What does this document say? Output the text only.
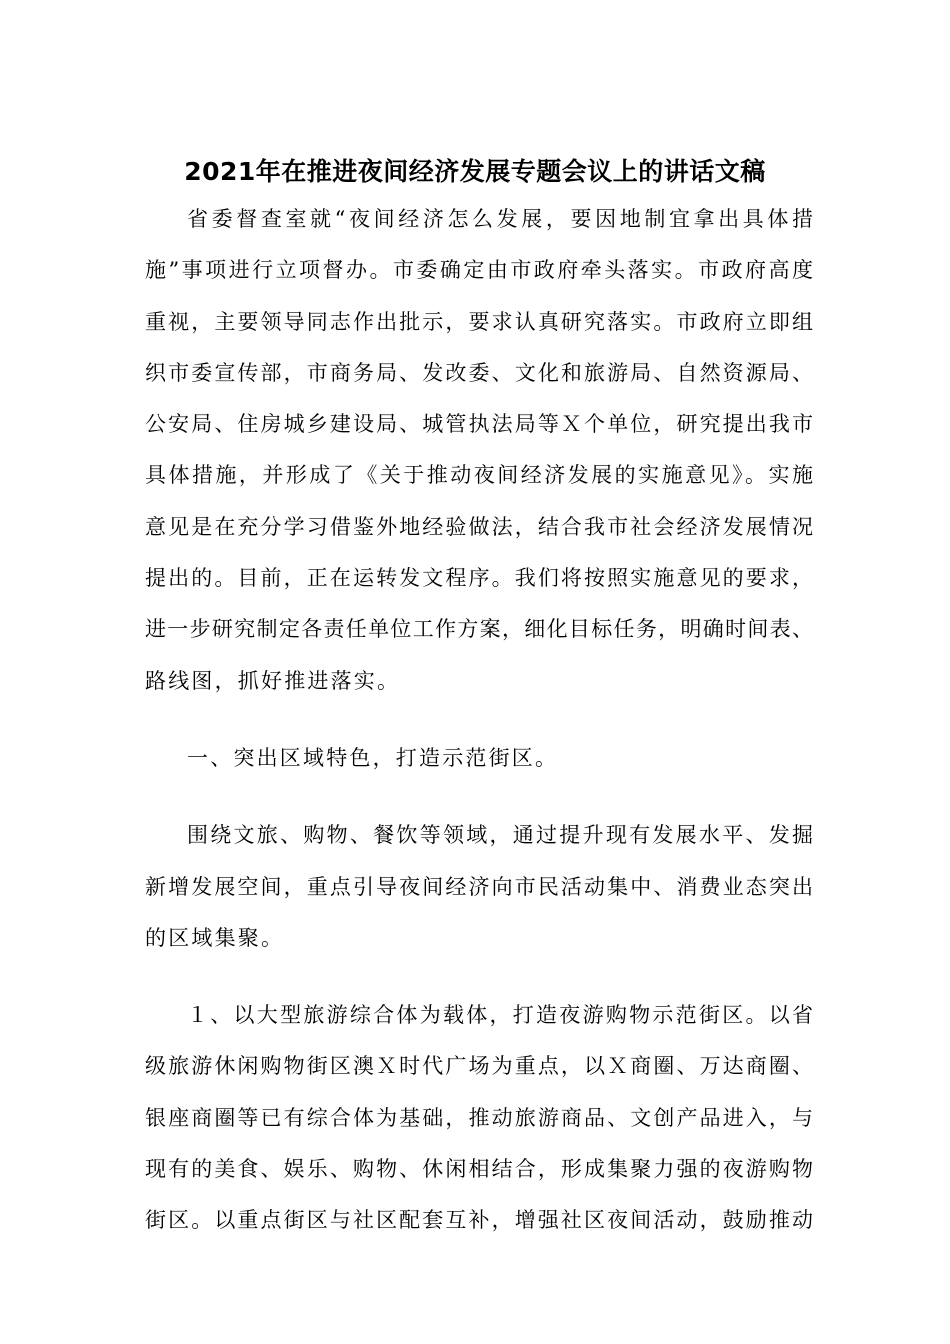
2021年在推进夜间经济发展专题会议上的讲话文稿
省委督查室就“夜间经济怎么发展，要因地制宜拿出具体措
施”事项进行立项督办。市委确定由市政府牵头落实。市政府高度
重视，主要领导同志作出批示，要求认真研究落实。市政府立即组
织市委宣传部，市商务局、发改委、文化和旅游局、自然资源局、
公安局、住房城乡建设局、城管执法局等Ｘ个单位，研究提出我市
具体措施，并形成了《关于推动夜间经济发展的实施意见》。实施
意见是在充分学习借鉴外地经验做法，结合我市社会经济发展情况
提出的。目前，正在运转发文程序。我们将按照实施意见的要求，
进一步研究制定各责任单位工作方案，细化目标任务，明确时间表、
路线图，抓好推进落实。
一、突出区域特色，打造示范街区。
围绕文旅、购物、餐饮等领域，通过提升现有发展水平、发掘
新增发展空间，重点引导夜间经济向市民活动集中、消费业态突出
的区域集聚。
１、以大型旅游综合体为载体，打造夜游购物示范街区。以省
级旅游休闲购物街区澳Ｘ时代广场为重点，以Ｘ商圈、万达商圈、
银座商圈等已有综合体为基础，推动旅游商品、文创产品进入，与
现有的美食、娱乐、购物、休闲相结合，形成集聚力强的夜游购物
街区。以重点街区与社区配套互补，增强社区夜间活动，鼓励推动
